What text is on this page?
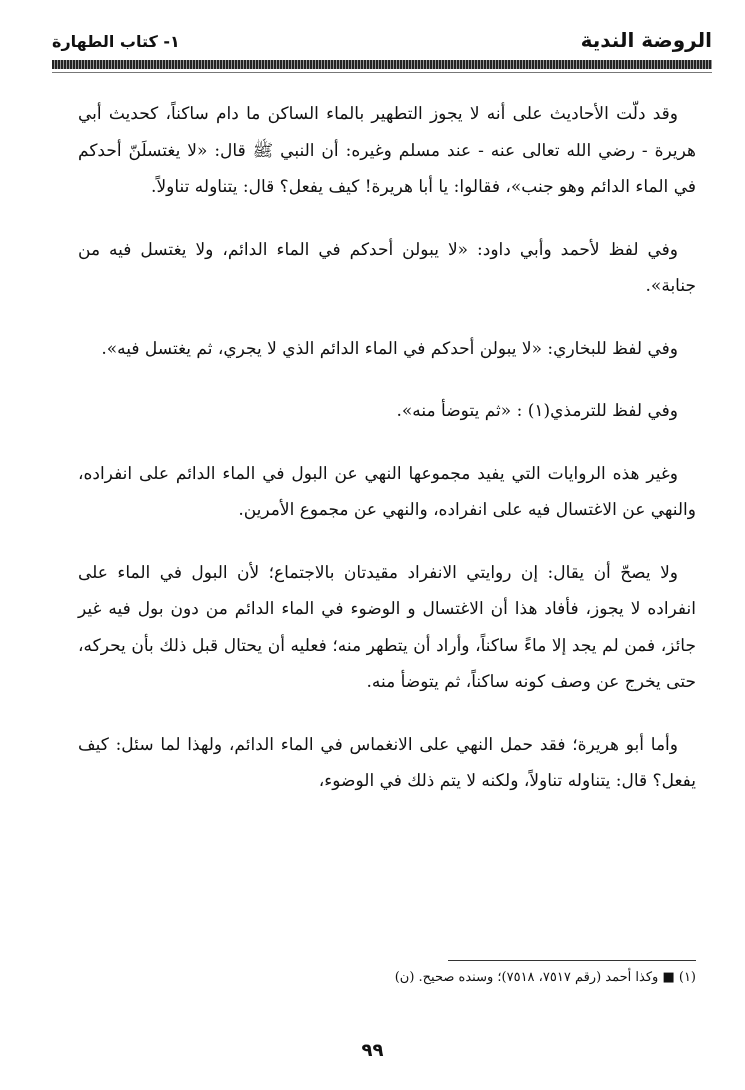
الروضة الندية
١- كتاب الطهارة

وقد دلّت الأحاديث على أنه لا يجوز التطهير بالماء الساكن ما دام ساكناً، كحديث أبي هريرة - رضي الله تعالى عنه - عند مسلم وغيره: أن النبي ﷺ قال: «لا يغتسلَنّ أحدكم في الماء الدائم وهو جنب»، فقالوا: يا أبا هريرة! كيف يفعل؟ قال: يتناوله تناولاً.

وفي لفظ لأحمد وأبي داود: «لا يبولن أحدكم في الماء الدائم، ولا يغتسل فيه من جنابة».

وفي لفظ للبخاري: «لا يبولن أحدكم في الماء الدائم الذي لا يجري، ثم يغتسل فيه».

وفي لفظ للترمذي(١) : «ثم يتوضأ منه».

وغير هذه الروايات التي يفيد مجموعها النهي عن البول في الماء الدائم على انفراده، والنهي عن الاغتسال فيه على انفراده، والنهي عن مجموع الأمرين.

ولا يصحّ أن يقال: إن روايتي الانفراد مقيدتان بالاجتماع؛ لأن البول في الماء على انفراده لا يجوز، فأفاد هذا أن الاغتسال و الوضوء في الماء الدائم من دون بول فيه غير جائز، فمن لم يجد إلا ماءً ساكناً، وأراد أن يتطهر منه؛ فعليه أن يحتال قبل ذلك بأن يحركه، حتى يخرج عن وصف كونه ساكناً، ثم يتوضأ منه.

وأما أبو هريرة؛ فقد حمل النهي على الانغماس في الماء الدائم، ولهذا لما سئل: كيف يفعل؟ قال: يتناوله تناولاً، ولكنه لا يتم ذلك في الوضوء،

(١) ■ وكذا أحمد (رقم ٧٥١٧، ٧٥١٨)؛ وسنده صحيح. (ن)
٩٩
